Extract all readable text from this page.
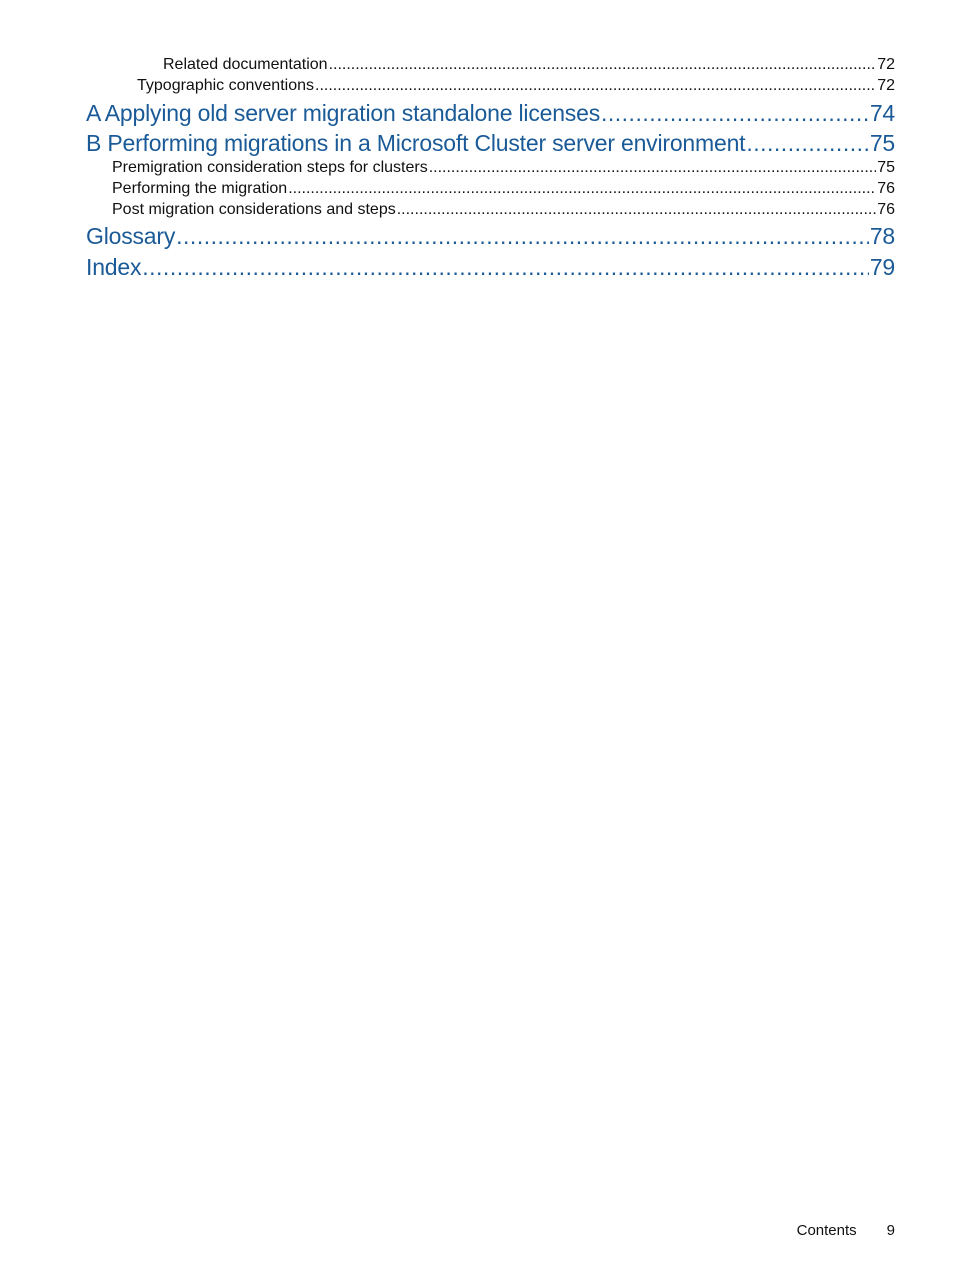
Related documentation .....	72
Typographic conventions .....	72
A Applying old server migration standalone licenses .....	74
B Performing migrations in a Microsoft Cluster server environment .....	75
Premigration consideration steps for clusters .....	75
Performing the migration .....	76
Post migration considerations and steps .....	76
Glossary .....	78
Index .....	79
Contents 9
